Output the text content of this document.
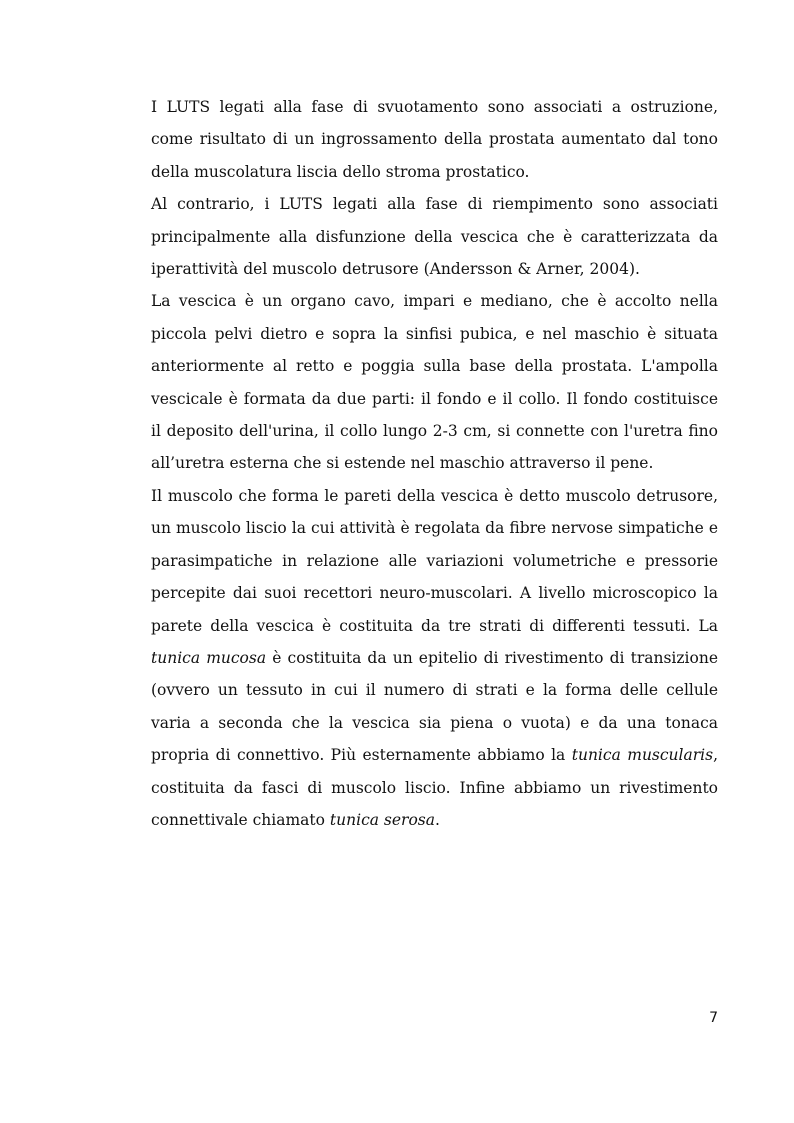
I LUTS legati alla fase di svuotamento sono associati a ostruzione, come risultato di un ingrossamento della prostata aumentato dal tono della muscolatura liscia dello stroma prostatico.

Al contrario, i LUTS legati alla fase di riempimento sono associati principalmente alla disfunzione della vescica che è caratterizzata da iperattività del muscolo detrusore (Andersson & Arner, 2004).

La vescica è un organo cavo, impari e mediano, che è accolto nella piccola pelvi dietro e sopra la sinfisi pubica, e nel maschio è situata anteriormente al retto e poggia sulla base della prostata. L'ampolla vescicale è formata da due parti: il fondo e il collo. Il fondo costituisce il deposito dell'urina, il collo lungo 2-3 cm, si connette con l'uretra fino all’uretra esterna che si estende nel maschio attraverso il pene.

Il muscolo che forma le pareti della vescica è detto muscolo detrusore, un muscolo liscio la cui attività è regolata da fibre nervose simpatiche e parasimpatiche in relazione alle variazioni volumetriche e pressorie percepite dai suoi recettori neuro-muscolari. A livello microscopico la parete della vescica è costituita da tre strati di differenti tessuti. La tunica mucosa è costituita da un epitelio di rivestimento di transizione (ovvero un tessuto in cui il numero di strati e la forma delle cellule varia a seconda che la vescica sia piena o vuota) e da una tonaca propria di connettivo. Più esternamente abbiamo la tunica muscularis, costituita da fasci di muscolo liscio. Infine abbiamo un rivestimento connettivale chiamato tunica serosa.

7
